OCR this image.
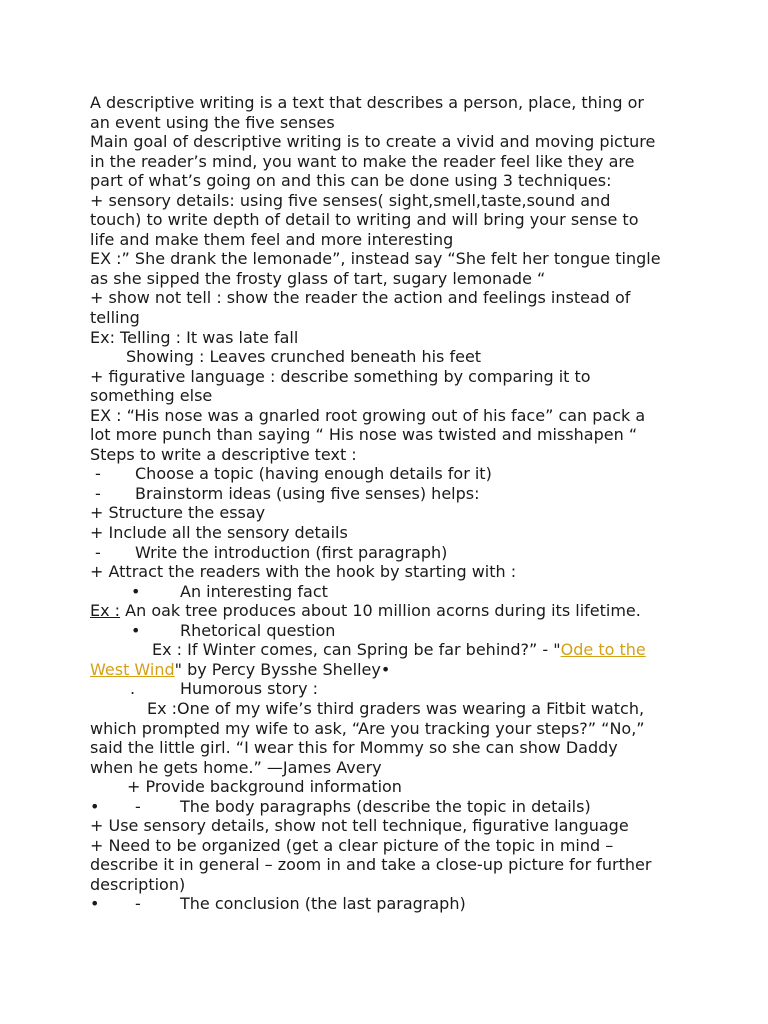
A descriptive writing is a text that describes a person, place, thing or
an event using the five senses
Main goal of descriptive writing is to create a vivid and moving picture
in the reader’s mind, you want to make the reader feel like they are
part of what’s going on and this can be done using 3 techniques:
+ sensory details: using five senses( sight,smell,taste,sound and
touch) to write depth of detail to writing and will bring your sense to
life and make them feel and more interesting
EX :” She drank the lemonade”, instead say “She felt her tongue tingle
as she sipped the frosty glass of tart, sugary lemonade “
+ show not tell : show the reader the action and feelings instead of
telling
Ex: Telling : It was late fall
Showing : Leaves crunched beneath his feet
+ figurative language : describe something by comparing it to
something else
EX : “His nose was a gnarled root growing out of his face” can pack a
lot more punch than saying “ His nose was twisted and misshapen “
Steps to write a descriptive text :
- Choose a topic (having enough details for it)
- Brainstorm ideas (using five senses) helps:
+ Structure the essay
+ Include all the sensory details
- Write the introduction (first paragraph)
+ Attract the readers with the hook by starting with :
• An interesting fact
Ex : An oak tree produces about 10 million acorns during its lifetime.
• Rhetorical question
Ex : If Winter comes, can Spring be far behind?” - "Ode to the
West Wind" by Percy Bysshe Shelley•
.	Humorous story :
Ex :One of my wife’s third graders was wearing a Fitbit watch,
which prompted my wife to ask, “Are you tracking your steps?” “No,”
said the little girl. “I wear this for Mommy so she can show Daddy
when he gets home.” —James Avery
+ Provide background information
• - The body paragraphs (describe the topic in details)
+ Use sensory details, show not tell technique, figurative language
+ Need to be organized (get a clear picture of the topic in mind –
describe it in general – zoom in and take a close-up picture for further
description)
• - The conclusion (the last paragraph)
